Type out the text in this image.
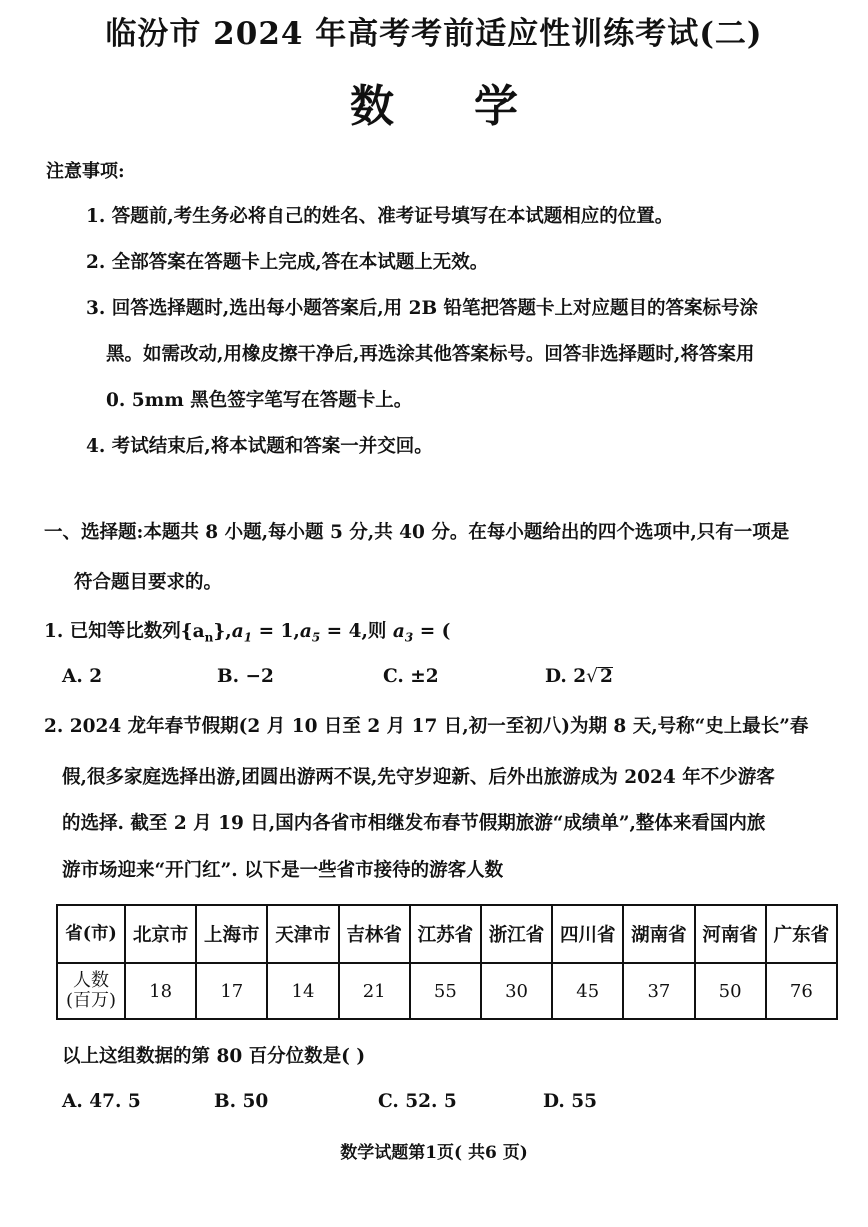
临汾市 2024 年高考考前适应性训练考试(二)
数学
注意事项:
1. 答题前,考生务必将自己的姓名、准考证号填写在本试题相应的位置。
2. 全部答案在答题卡上完成,答在本试题上无效。
3. 回答选择题时,选出每小题答案后,用 2B 铅笔把答题卡上对应题目的答案标号涂
黑。如需改动,用橡皮擦干净后,再选涂其他答案标号。回答非选择题时,将答案用
0. 5mm 黑色签字笔写在答题卡上。
4. 考试结束后,将本试题和答案一并交回。
一、选择题:本题共 8 小题,每小题 5 分,共 40 分。在每小题给出的四个选项中,只有一项是
符合题目要求的。
1. 已知等比数列$\{a_n\},a_1 = 1,a_5 = 4$,则 $a_3$ = (
A. 2	B. −2	C. ±2	D. 2√ 2
2. 2024 龙年春节假期(2 月 10 日至 2 月 17 日,初一至初八)为期 8 天,号称“史上最长”春
假,很多家庭选择出游,团圆出游两不误,先守岁迎新、后外出旅游成为 2024 年不少游客
的选择. 截至 2 月 19 日,国内各省市相继发布春节假期旅游“成绩单”,整体来看国内旅
游市场迎来“开门红”. 以下是一些省市接待的游客人数
省(市)	北京市	上海市	天津市	吉林省	江苏省	浙江省	四川省	湖南省	河南省	广东省

人数
(百万)	18	17	14	21	55	30	45	37	50	76
以上这组数据的第 80 百分位数是( )
A. 47. 5	B. 50	C. 52. 5	D. 55
数学试题第1页( 共6 页)
